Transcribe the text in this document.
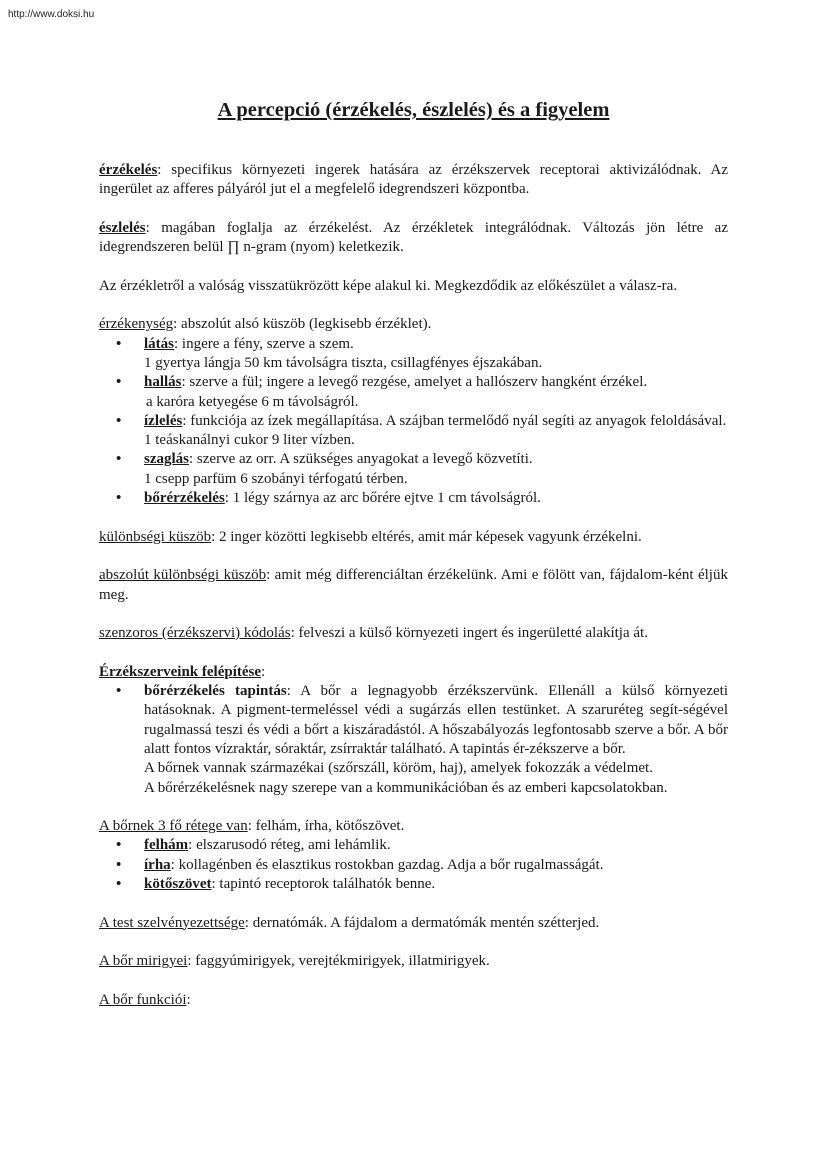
http://www.doksi.hu
A percepció (érzékelés, észlelés) és a figyelem

érzékelés: specifikus környezeti ingerek hatására az érzékszervek receptorai aktivizálódnak. Az ingerület az afferes pályáról jut el a megfelelő idegrendszeri központba.

észlelés: magában foglalja az érzékelést. Az érzékletek integrálódnak. Változás jön létre az idegrendszeren belül ∏ n-gram (nyom) keletkezik.

Az érzékletről a valóság visszatükrözött képe alakul ki. Megkezdődik az előkészület a válasz-ra.

érzékenység: abszolút alsó küszöb (legkisebb érzéklet).

• látás: ingere a fény, szerve a szem.
1 gyertya lángja 50 km távolságra tiszta, csillagfényes éjszakában.
• hallás: szerve a fül; ingere a levegő rezgése, amelyet a hallószerv hangként érzékel.
a karóra ketyegése 6 m távolságról.
• ízlelés: funkciója az ízek megállapítása. A szájban termelődő nyál segíti az anyagok feloldásával.
1 teáskanálnyi cukor 9 liter vízben.
• szaglás: szerve az orr. A szükséges anyagokat a levegő közvetíti.
1 csepp parfüm 6 szobányi térfogatú térben.
• bőrérzékelés: 1 légy szárnya az arc bőrére ejtve 1 cm távolságról.

különbségi küszöb: 2 inger közötti legkisebb eltérés, amit már képesek vagyunk érzékelni.

abszolút különbségi küszöb: amit még differenciáltan érzékelünk. Ami e fölött van, fájdalom-ként éljük meg.

szenzoros (érzékszervi) kódolás: felveszi a külső környezeti ingert és ingerületté alakítja át.

Érzékszerveink felépítése:

• bőrérzékelés tapintás: A bőr a legnagyobb érzékszervünk. Ellenáll a külső környezeti hatásoknak. A pigment-termeléssel védi a sugárzás ellen testünket. A szaruréteg segít-ségével rugalmassá teszi és védi a bőrt a kiszáradástól. A hőszabályozás legfontosabb szerve a bőr. A bőr alatt fontos vízraktár, sóraktár, zsírraktár található. A tapintás ér-zékszerve a bőr.
A bőrnek vannak származékai (szőrszáll, köröm, haj), amelyek fokozzák a védelmet.
A bőrérzékelésnek nagy szerepe van a kommunikációban és az emberi kapcsolatokban.

A bőrnek 3 fő rétege van: felhám, írha, kötőszövet.

• felhám: elszarusodó réteg, ami lehámlik.
• írha: kollagénben és elasztikus rostokban gazdag. Adja a bőr rugalmasságát.
• kötőszövet: tapintó receptorok találhatók benne.

A test szelvényezettsége: dernatómák. A fájdalom a dermatómák mentén szétterjed.

A bőr mirigyei: faggyúmirigyek, verejtékmirigyek, illatmirigyek.

A bőr funkciói:
